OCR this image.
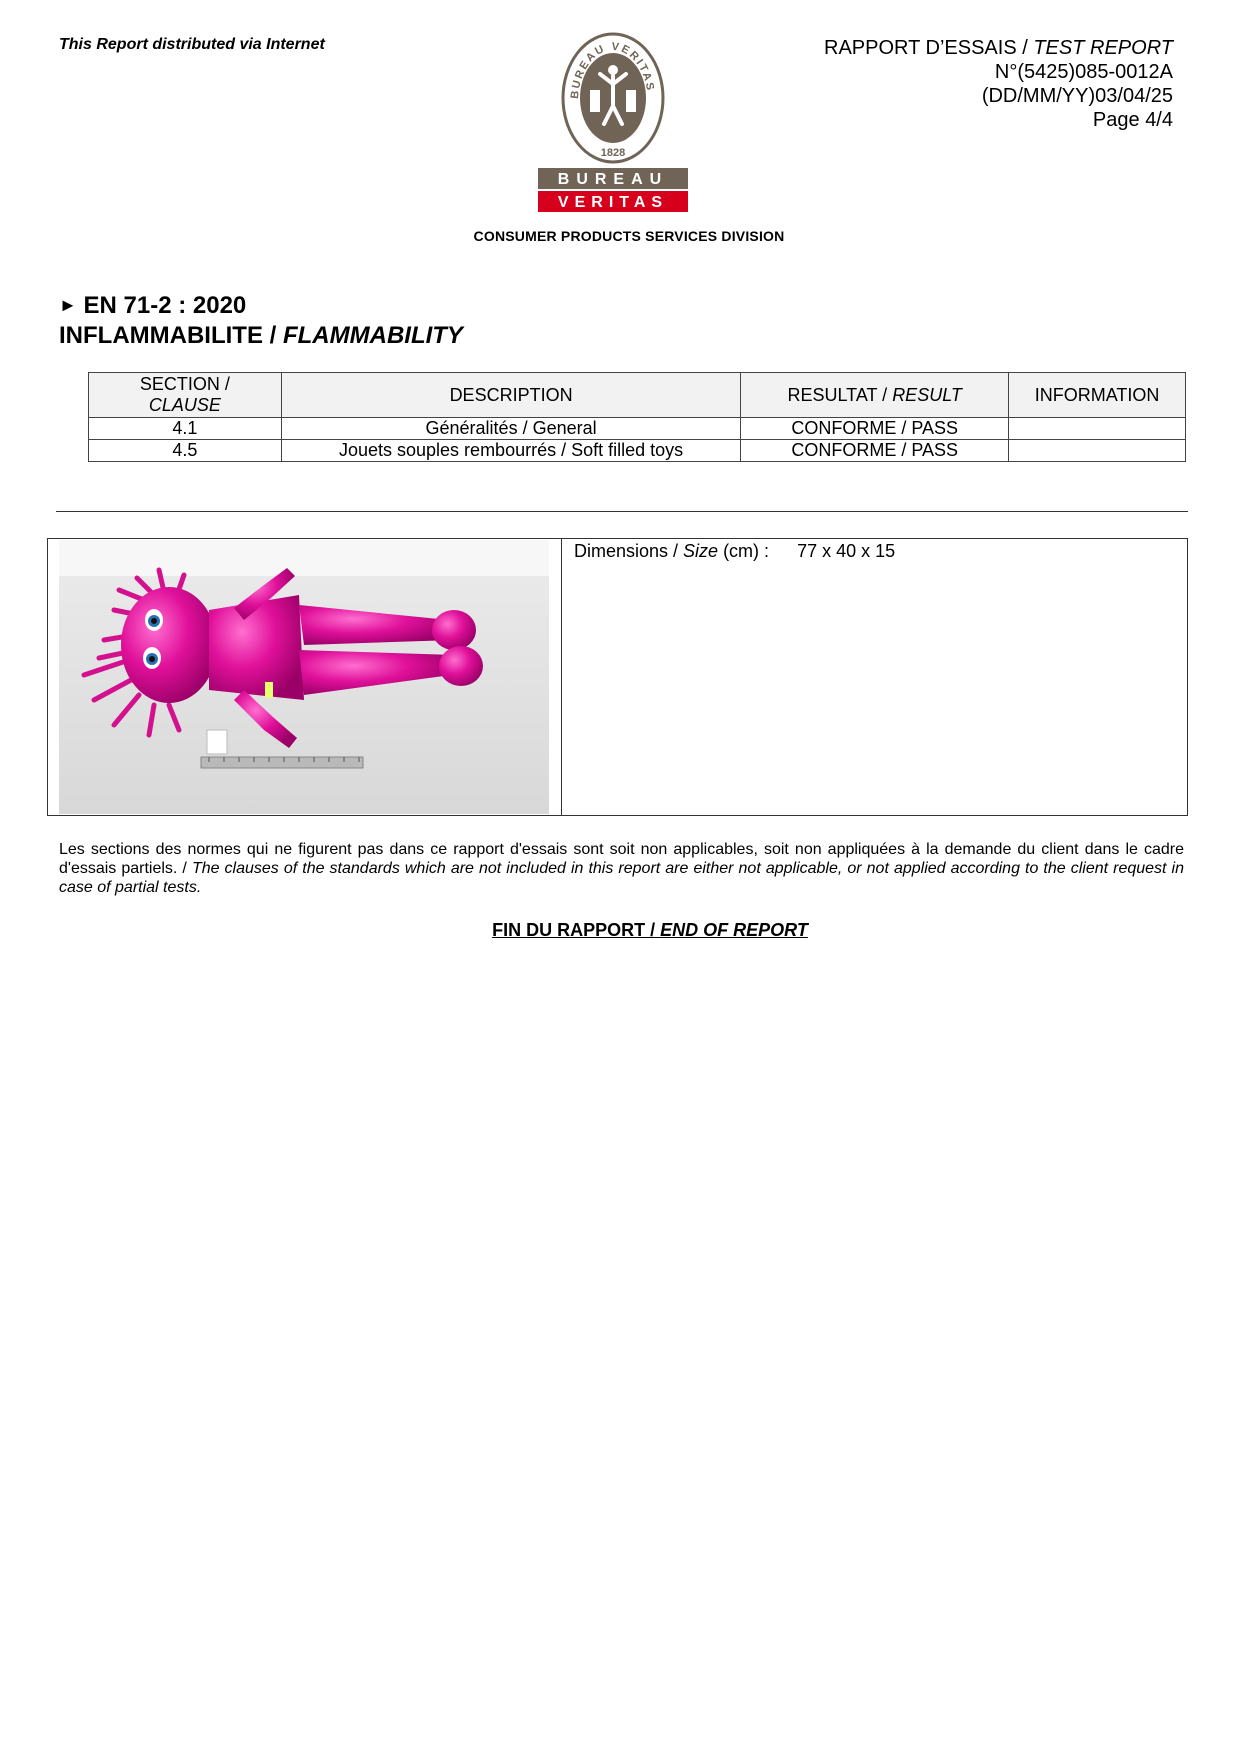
This Report distributed via Internet
BUREAU VERITAS
1828
BUREAU
VERITAS
CONSUMER PRODUCTS SERVICES DIVISION
RAPPORT D’ESSAIS / TEST REPORT
N°(5425)085-0012A
(DD/MM/YY)03/04/25
Page 4/4
► EN 71-2 : 2020
INFLAMMABILITE / FLAMMABILITY
SECTION /
CLAUSE	DESCRIPTION	RESULTAT / RESULT	INFORMATION
4.1	Généralités / General	CONFORME / PASS	
4.5	Jouets souples rembourrés / Soft filled toys	CONFORME / PASS	
Dimensions / Size (cm) : 77 x 40 x 15
Les sections des normes qui ne figurent pas dans ce rapport d'essais sont soit non applicables, soit non appliquées à la demande du client dans le cadre d'essais partiels. / The clauses of the standards which are not included in this report are either not applicable, or not applied according to the client request in case of partial tests.
FIN DU RAPPORT / END OF REPORT
